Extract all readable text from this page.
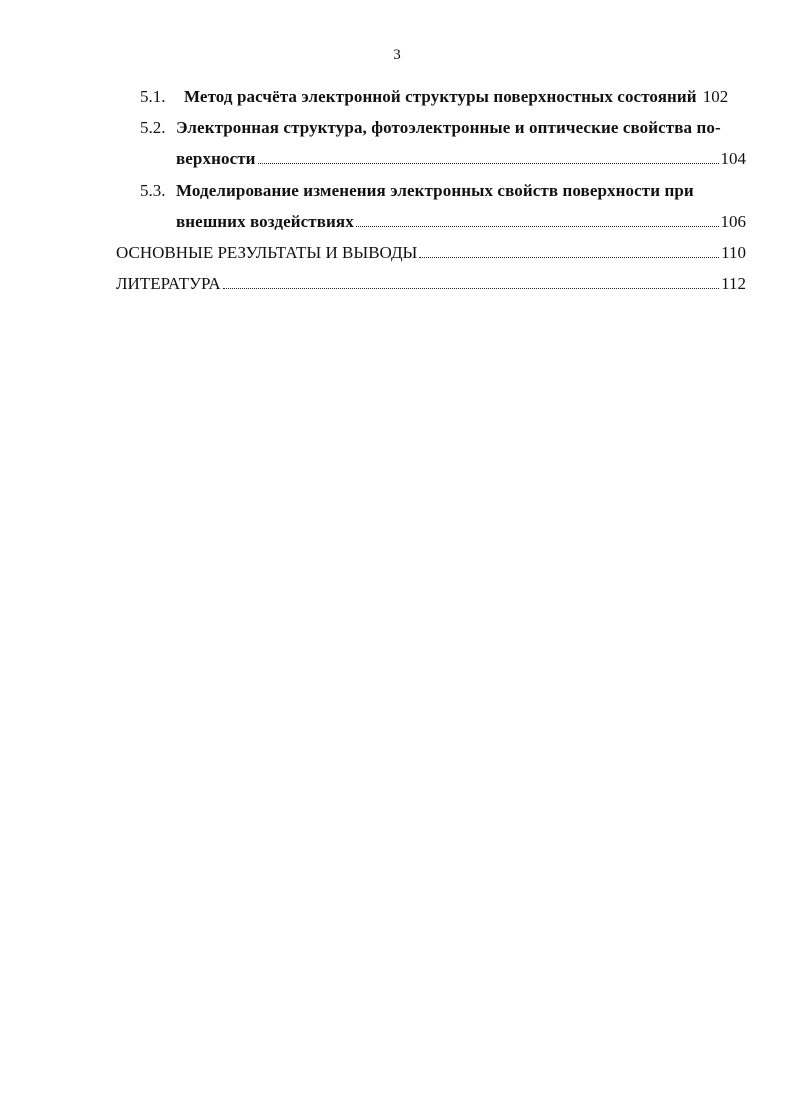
3
5.1.	Метод расчёта электронной структуры поверхностных состояний 102
5.2. Электронная структура, фотоэлектронные и оптические свойства по-
верхности	104
5.3. Моделирование изменения электронных свойств поверхности при
внешних воздействиях	106
ОСНОВНЫЕ РЕЗУЛЬТАТЫ И ВЫВОДЫ	110
ЛИТЕРАТУРА	112
